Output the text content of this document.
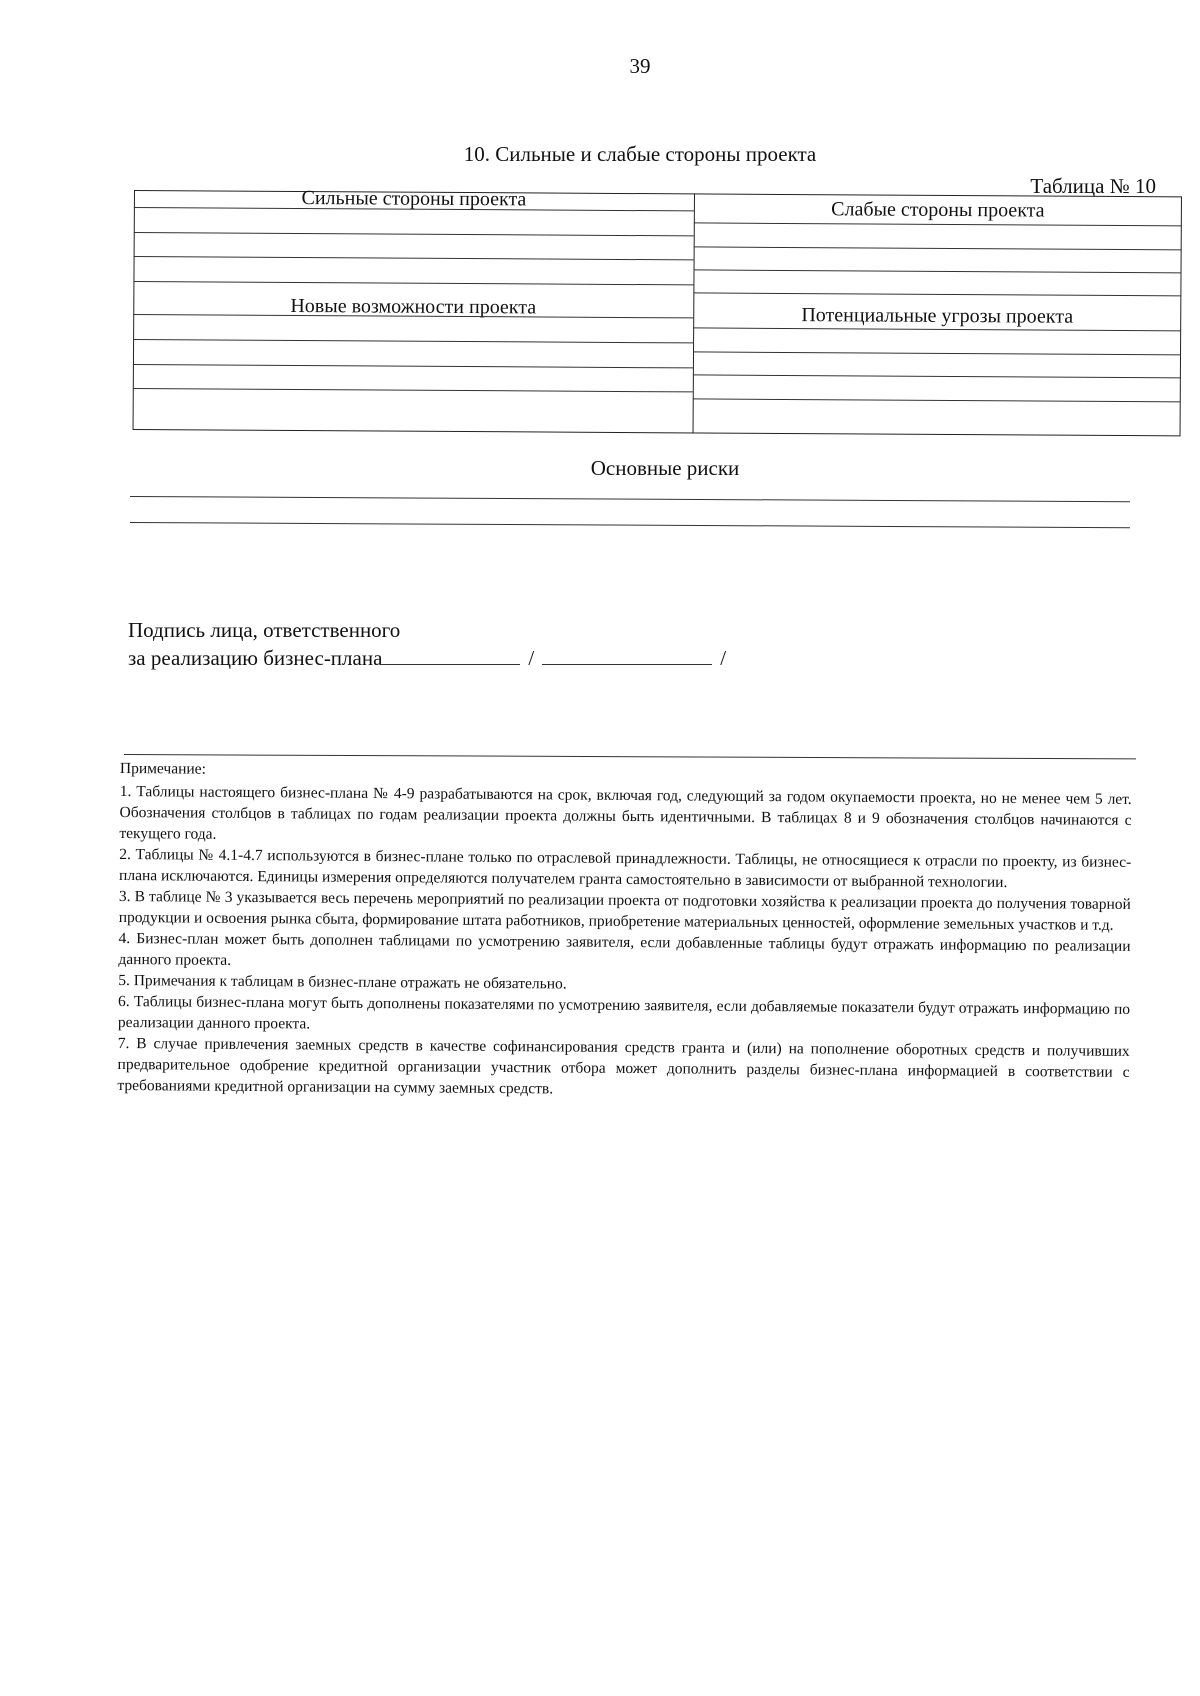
39
10. Сильные и слабые стороны проекта
Таблица № 10
Сильные стороны проекта	Слабые стороны проекта
Новые возможности проекта	Потенциальные угрозы проекта
Основные риски
Подпись лица, ответственного
за реализацию бизнес-плана	/	/

Примечание:

1. Таблицы настоящего бизнес-плана № 4-9 разрабатываются на срок, включая год, следующий за годом окупаемости проекта, но не менее чем 5 лет. Обозначения столбцов в таблицах по годам реализации проекта должны быть идентичными. В таблицах 8 и 9 обозначения столбцов начинаются с текущего года.

2. Таблицы № 4.1-4.7 используются в бизнес-плане только по отраслевой принадлежности. Таблицы, не относящиеся к отрасли по проекту, из бизнес-плана исключаются. Единицы измерения определяются получателем гранта самостоятельно в зависимости от выбранной технологии.

3. В таблице № 3 указывается весь перечень мероприятий по реализации проекта от подготовки хозяйства к реализации проекта до получения товарной продукции и освоения рынка сбыта, формирование штата работников, приобретение материальных ценностей, оформление земельных участков и т.д.

4. Бизнес-план может быть дополнен таблицами по усмотрению заявителя, если добавленные таблицы будут отражать информацию по реализации данного проекта.

5. Примечания к таблицам в бизнес-плане отражать не обязательно.

6. Таблицы бизнес-плана могут быть дополнены показателями по усмотрению заявителя, если добавляемые показатели будут отражать информацию по реализации данного проекта.

7. В случае привлечения заемных средств в качестве софинансирования средств гранта и (или) на пополнение оборотных средств и получивших предварительное одобрение кредитной организации участник отбора может дополнить разделы бизнес-плана информацией в соответствии с требованиями кредитной организации на сумму заемных средств.
